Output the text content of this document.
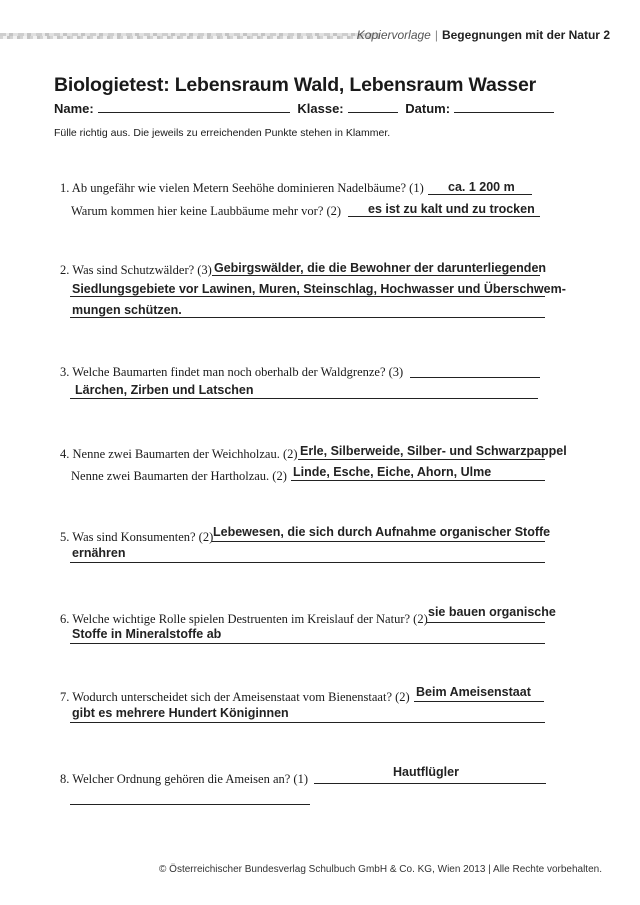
Kopiervorlage | Begegnungen mit der Natur 2
Biologietest: Lebensraum Wald, Lebensraum Wasser
Name:	Klasse:	Datum:
Fülle richtig aus. Die jeweils zu erreichenden Punkte stehen in Klammer.
1. Ab ungefähr wie vielen Metern Seehöhe dominieren Nadelbäume? (1) ca. 1 200 m
Warum kommen hier keine Laubbäume mehr vor? (2) es ist zu kalt und zu trocken
2. Was sind Schutzwälder? (3) Gebirgswälder, die die Bewohner der darunterliegenden
Siedlungsgebiete vor Lawinen, Muren, Steinschlag, Hochwasser und Überschwem-
mungen schützen.
3. Welche Baumarten findet man noch oberhalb der Waldgrenze? (3)
Lärchen, Zirben und Latschen
4. Nenne zwei Baumarten der Weichholzau. (2) Erle, Silberweide, Silber- und Schwarzpappel
Nenne zwei Baumarten der Hartholzau. (2) Linde, Esche, Eiche, Ahorn, Ulme
5. Was sind Konsumenten? (2) Lebewesen, die sich durch Aufnahme organischer Stoffe
ernähren
6. Welche wichtige Rolle spielen Destruenten im Kreislauf der Natur? (2) sie bauen organische
Stoffe in Mineralstoffe ab
7. Wodurch unterscheidet sich der Ameisenstaat vom Bienenstaat? (2) Beim Ameisenstaat
gibt es mehrere Hundert Königinnen
8. Welcher Ordnung gehören die Ameisen an? (1)	Hautflügler
© Österreichischer Bundesverlag Schulbuch GmbH & Co. KG, Wien 2013 | Alle Rechte vorbehalten.
